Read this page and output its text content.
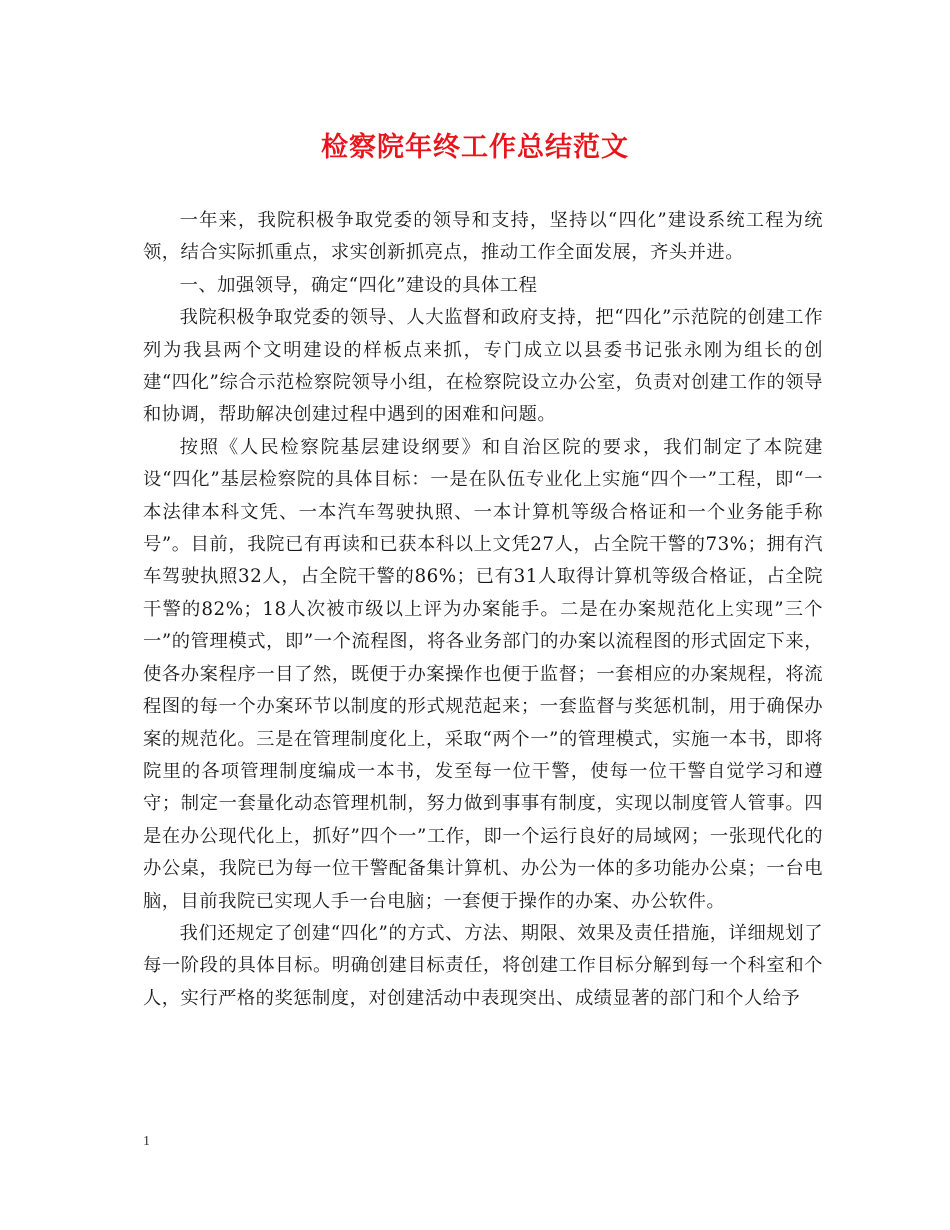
检察院年终工作总结范文

一年来，我院积极争取党委的领导和支持，坚持以“四化”建设系统工程为统领，结合实际抓重点，求实创新抓亮点，推动工作全面发展，齐头并进。

一、加强领导，确定“四化”建设的具体工程

我院积极争取党委的领导、人大监督和政府支持，把“四化”示范院的创建工作列为我县两个文明建设的样板点来抓，专门成立以县委书记张永刚为组长的创建“四化”综合示范检察院领导小组，在检察院设立办公室，负责对创建工作的领导和协调，帮助解决创建过程中遇到的困难和问题。

按照《人民检察院基层建设纲要》和自治区院的要求，我们制定了本院建设“四化”基层检察院的具体目标：一是在队伍专业化上实施“四个一”工程，即“一本法律本科文凭、一本汽车驾驶执照、一本计算机等级合格证和一个业务能手称号”。目前，我院已有再读和已获本科以上文凭27人，占全院干警的73%；拥有汽车驾驶执照32人，占全院干警的86%；已有31人取得计算机等级合格证，占全院干警的82%；18人次被市级以上评为办案能手。二是在办案规范化上实现”三个一”的管理模式，即”一个流程图，将各业务部门的办案以流程图的形式固定下来，使各办案程序一目了然，既便于办案操作也便于监督；一套相应的办案规程，将流程图的每一个办案环节以制度的形式规范起来；一套监督与奖惩机制，用于确保办案的规范化。三是在管理制度化上，采取“两个一”的管理模式，实施一本书，即将院里的各项管理制度编成一本书，发至每一位干警，使每一位干警自觉学习和遵守；制定一套量化动态管理机制，努力做到事事有制度，实现以制度管人管事。四是在办公现代化上，抓好”四个一”工作，即一个运行良好的局域网；一张现代化的办公桌，我院已为每一位干警配备集计算机、办公为一体的多功能办公桌；一台电脑，目前我院已实现人手一台电脑；一套便于操作的办案、办公软件。

我们还规定了创建“四化”的方式、方法、期限、效果及责任措施，详细规划了每一阶段的具体目标。明确创建目标责任，将创建工作目标分解到每一个科室和个人，实行严格的奖惩制度，对创建活动中表现突出、成绩显著的部门和个人给予

1
